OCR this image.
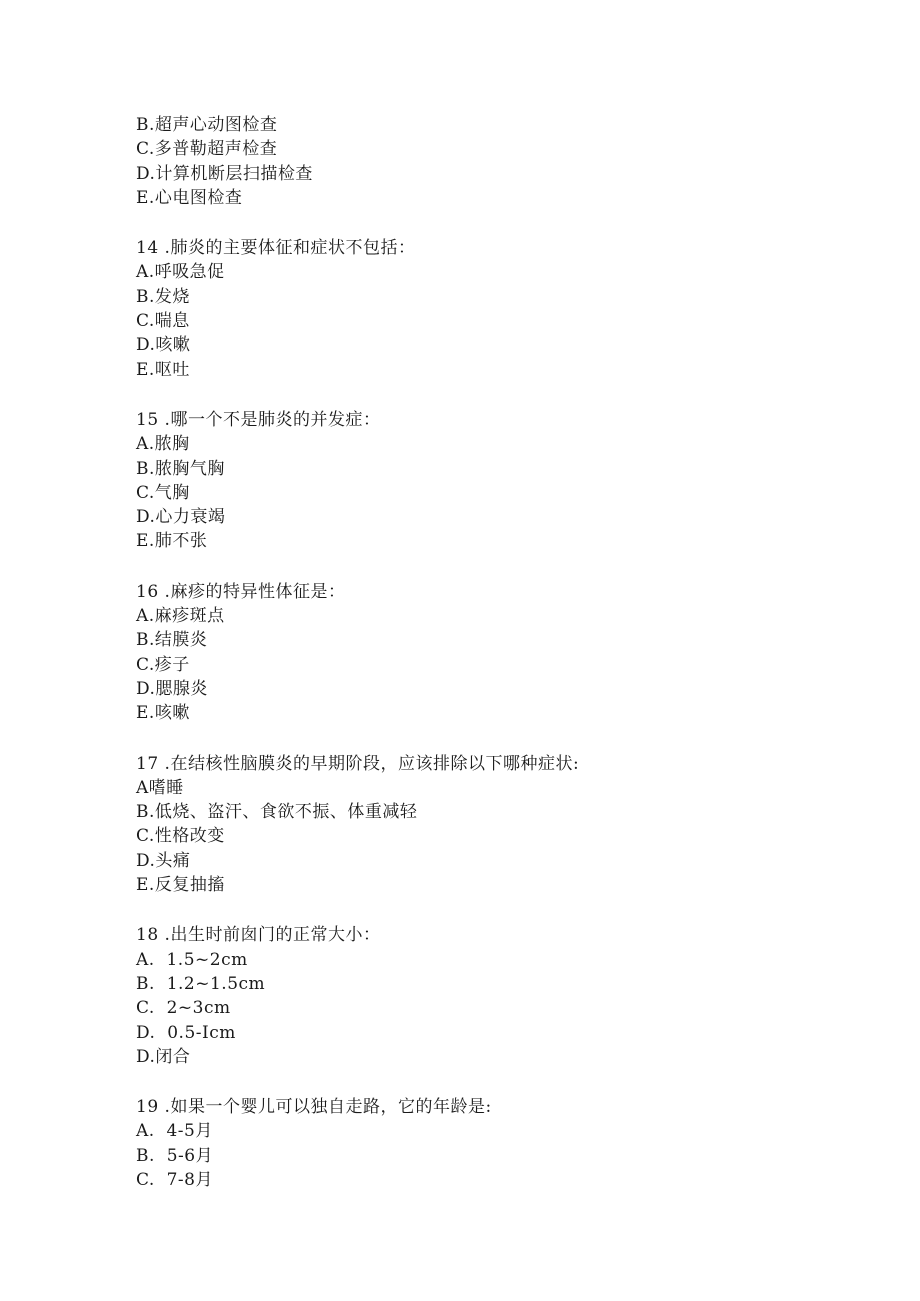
B.超声心动图检查
C.多普勒超声检查
D.计算机断层扫描检查
E.心电图检查
14 .肺炎的主要体征和症状不包括：
A.呼吸急促
B.发烧
C.喘息
D.咳嗽
E.呕吐
15 .哪一个不是肺炎的并发症：
A.脓胸
B.脓胸气胸
C.气胸
D.心力衰竭
E.肺不张
16 .麻疹的特异性体征是：
A.麻疹斑点
B.结膜炎
C.疹子
D.腮腺炎
E.咳嗽
17 .在结核性脑膜炎的早期阶段，应该排除以下哪种症状:
A嗜睡
B.低烧、盗汗、食欲不振、体重减轻
C.性格改变
D.头痛
E.反复抽搐
18 .出生时前囱门的正常大小：
A.  1.5~2cm
B.  1.2~1.5cm
C.  2~3cm
D.  0.5-Icm
D.闭合
19 .如果一个婴儿可以独自走路，它的年龄是:
A.  4-5月
B.  5-6月
C.  7-8月
